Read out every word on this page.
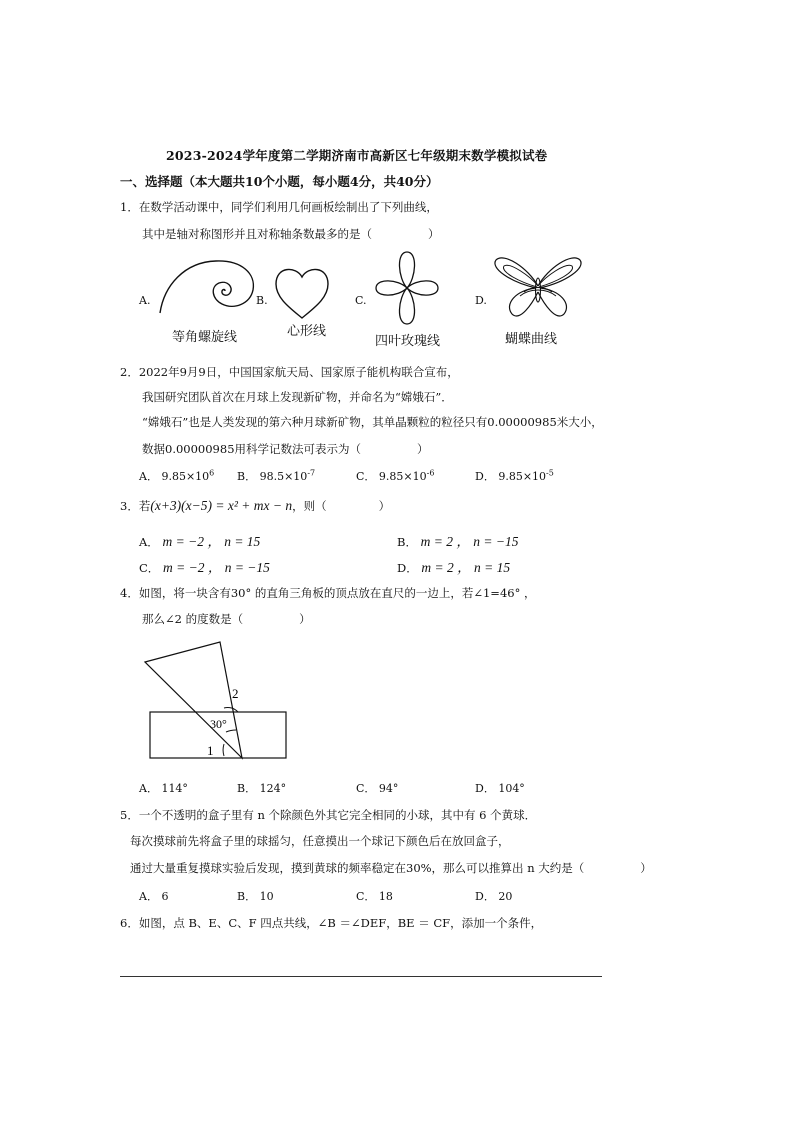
2023-2024学年度第二学期济南市高新区七年级期末数学模拟试卷
一、选择题（本大题共10个小题，每小题4分，共40分）
1．在数学活动课中，同学们利用几何画板绘制出了下列曲线，
其中是轴对称图形并且对称轴条数最多的是（	）
A.	B.	C.	D.
等角螺旋线	心形线
四叶玫瑰线	蝴蝶曲线
2．2022年9月9日，中国国家航天局、国家原子能机构联合宣布，
我国研究团队首次在月球上发现新矿物，并命名为“嫦娥石”．
“嫦娥石”也是人类发现的第六种月球新矿物，其单晶颗粒的粒径只有0.00000985米大小，
数据0.00000985用科学记数法可表示为（	）
A． $9.85\times 10^6$ B． $98.5\times 10^{-7}$	C． $9.85\times 10^{-6}$	D． $9.85\times 10^{-5}$
3．若(x+3)(x−5) = x² + mx − n，则（	）
A． m = −2 ， n = 15	B． m = 2 ， n = −15
C． m = −2 ， n = −15	D． m = 2 ， n = 15
4．如图，将一块含有30° 的直角三角板的顶点放在直尺的一边上，若∠1=46° ，
那么∠2 的度数是（	）
2
30°
1
A． 114°	B． 124°	C． 94°	D． 104°
5．一个不透明的盒子里有 n 个除颜色外其它完全相同的小球，其中有 6 个黄球．
每次摸球前先将盒子里的球摇匀，任意摸出一个球记下颜色后在放回盒子，
通过大量重复摸球实验后发现，摸到黄球的频率稳定在30%，那么可以推算出 n 大约是（	）
A． 6	B． 10	C． 18	D． 20
6．如图，点 B、E、C、F 四点共线，∠B ＝∠DEF，BE ＝ CF，添加一个条件，
